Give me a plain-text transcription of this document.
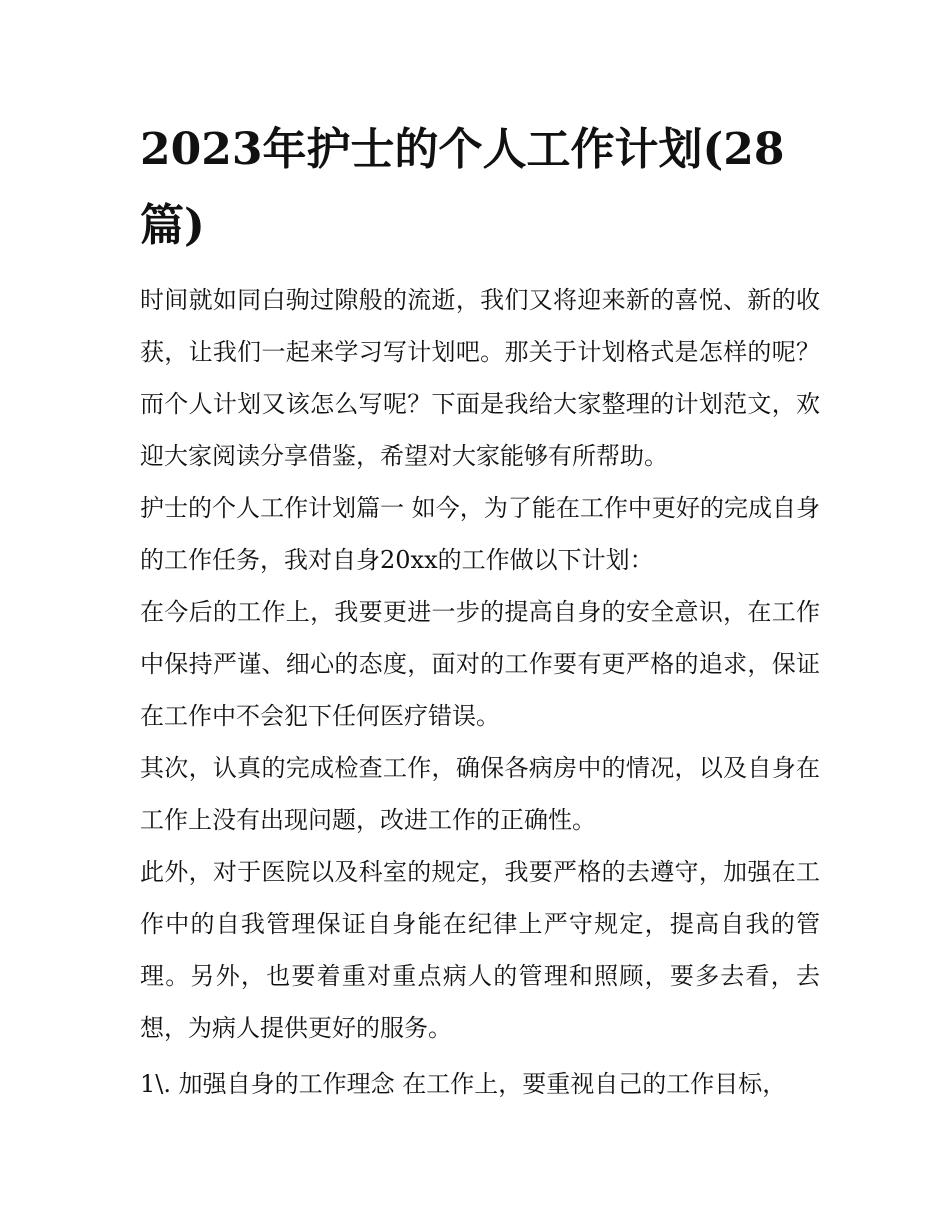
2023年护士的个人工作计划(28篇)

时间就如同白驹过隙般的流逝，我们又将迎来新的喜悦、新的收获，让我们一起来学习写计划吧。那关于计划格式是怎样的呢？而个人计划又该怎么写呢？下面是我给大家整理的计划范文，欢迎大家阅读分享借鉴，希望对大家能够有所帮助。

护士的个人工作计划篇一 如今，为了能在工作中更好的完成自身的工作任务，我对自身20xx的工作做以下计划：

在今后的工作上，我要更进一步的提高自身的安全意识，在工作中保持严谨、细心的态度，面对的工作要有更严格的追求，保证在工作中不会犯下任何医疗错误。

其次，认真的完成检查工作，确保各病房中的情况，以及自身在工作上没有出现问题，改进工作的正确性。

此外，对于医院以及科室的规定，我要严格的去遵守，加强在工作中的自我管理保证自身能在纪律上严守规定，提高自我的管理。另外，也要着重对重点病人的管理和照顾，要多去看，去想，为病人提供更好的服务。

1\. 加强自身的工作理念 在工作上，要重视自己的工作目标，
